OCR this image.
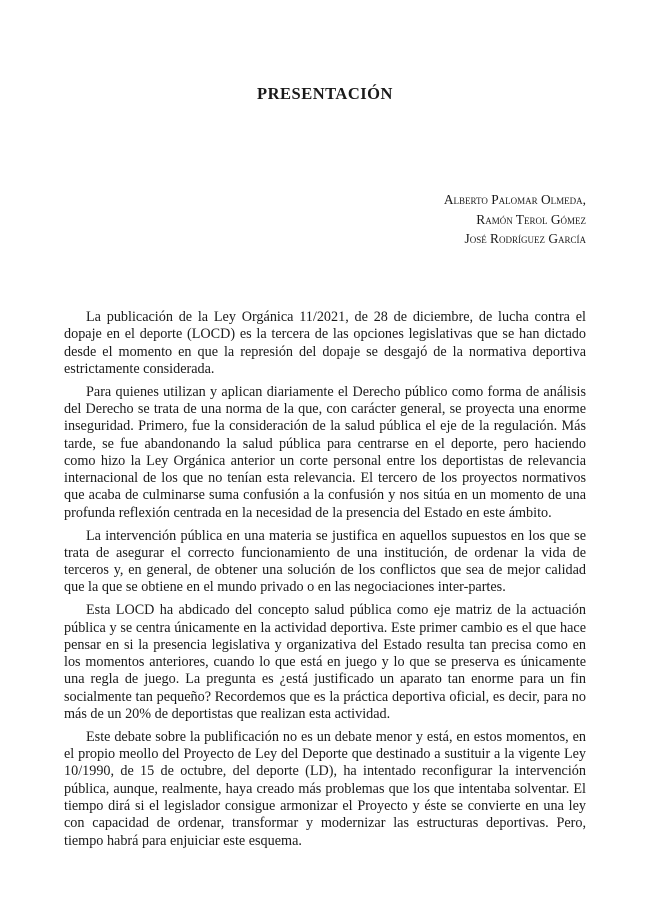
PRESENTACIÓN
Alberto Palomar Olmeda,
Ramón Terol Gómez
José Rodríguez García

La publicación de la Ley Orgánica 11/2021, de 28 de diciembre, de lucha contra el dopaje en el deporte (LOCD) es la tercera de las opciones legislativas que se han dictado desde el momento en que la represión del dopaje se desgajó de la normativa deportiva estrictamente considerada.

Para quienes utilizan y aplican diariamente el Derecho público como forma de análisis del Derecho se trata de una norma de la que, con carácter general, se proyecta una enorme inseguridad. Primero, fue la consideración de la salud pública el eje de la regulación. Más tarde, se fue abandonando la salud pública para centrarse en el deporte, pero haciendo como hizo la Ley Orgánica anterior un corte personal entre los deportistas de relevancia internacional de los que no tenían esta relevancia. El tercero de los proyectos normativos que acaba de culminarse suma confusión a la confusión y nos sitúa en un momento de una profunda reflexión centrada en la necesidad de la presencia del Estado en este ámbito.

La intervención pública en una materia se justifica en aquellos supuestos en los que se trata de asegurar el correcto funcionamiento de una institución, de ordenar la vida de terceros y, en general, de obtener una solución de los conflictos que sea de mejor calidad que la que se obtiene en el mundo privado o en las negociaciones inter-partes.

Esta LOCD ha abdicado del concepto salud pública como eje matriz de la actuación pública y se centra únicamente en la actividad deportiva. Este primer cambio es el que hace pensar en si la presencia legislativa y organizativa del Estado resulta tan precisa como en los momentos anteriores, cuando lo que está en juego y lo que se preserva es únicamente una regla de juego. La pregunta es ¿está justificado un aparato tan enorme para un fin socialmente tan pequeño? Recordemos que es la práctica deportiva oficial, es decir, para no más de un 20% de deportistas que realizan esta actividad.

Este debate sobre la publificación no es un debate menor y está, en estos momentos, en el propio meollo del Proyecto de Ley del Deporte que destinado a sustituir a la vigente Ley 10/1990, de 15 de octubre, del deporte (LD), ha intentado reconfigurar la intervención pública, aunque, realmente, haya creado más problemas que los que intentaba solventar. El tiempo dirá si el legislador consigue armonizar el Proyecto y éste se convierte en una ley con capacidad de ordenar, transformar y modernizar las estructuras deportivas. Pero, tiempo habrá para enjuiciar este esquema.
